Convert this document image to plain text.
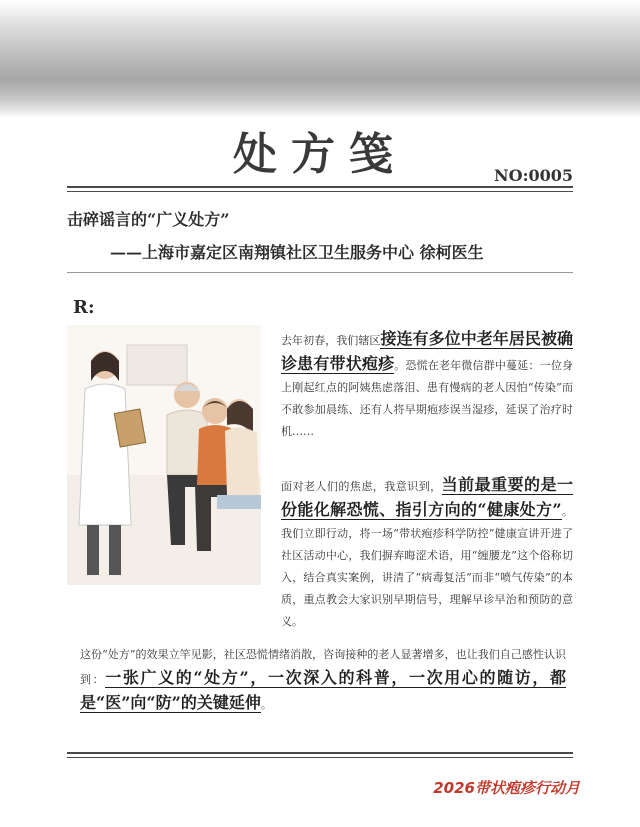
处方笺	NO:0005
击碎谣言的“广义处方”
——上海市嘉定区南翔镇社区卫生服务中心 徐柯医生
R:
去年初春，我们辖区接连有多位中老年居民被确诊患有带状疱疹。恐慌在老年微信群中蔓延：一位身上刚起红点的阿姨焦虑落泪、患有慢病的老人因怕“传染”而不敢参加晨练、还有人将早期疱疹误当湿疹，延误了治疗时机……
面对老人们的焦虑，我意识到，当前最重要的是一份能化解恐慌、指引方向的“健康处方”。我们立即行动，将一场“带状疱疹科学防控”健康宣讲开进了社区活动中心，我们摒弃晦涩术语，用“缠腰龙”这个俗称切入，结合真实案例，讲清了“病毒复活”而非“喷气传染”的本质，重点教会大家识别早期信号，理解早诊早治和预防的意义。
这份“处方”的效果立竿见影，社区恐慌情绪消散，咨询接种的老人显著增多，也让我们自己感性认识到：一张广义的“处方”，一次深入的科普，一次用心的随访，都是“医”向“防”的关键延伸。
2026带状疱疹行动月
